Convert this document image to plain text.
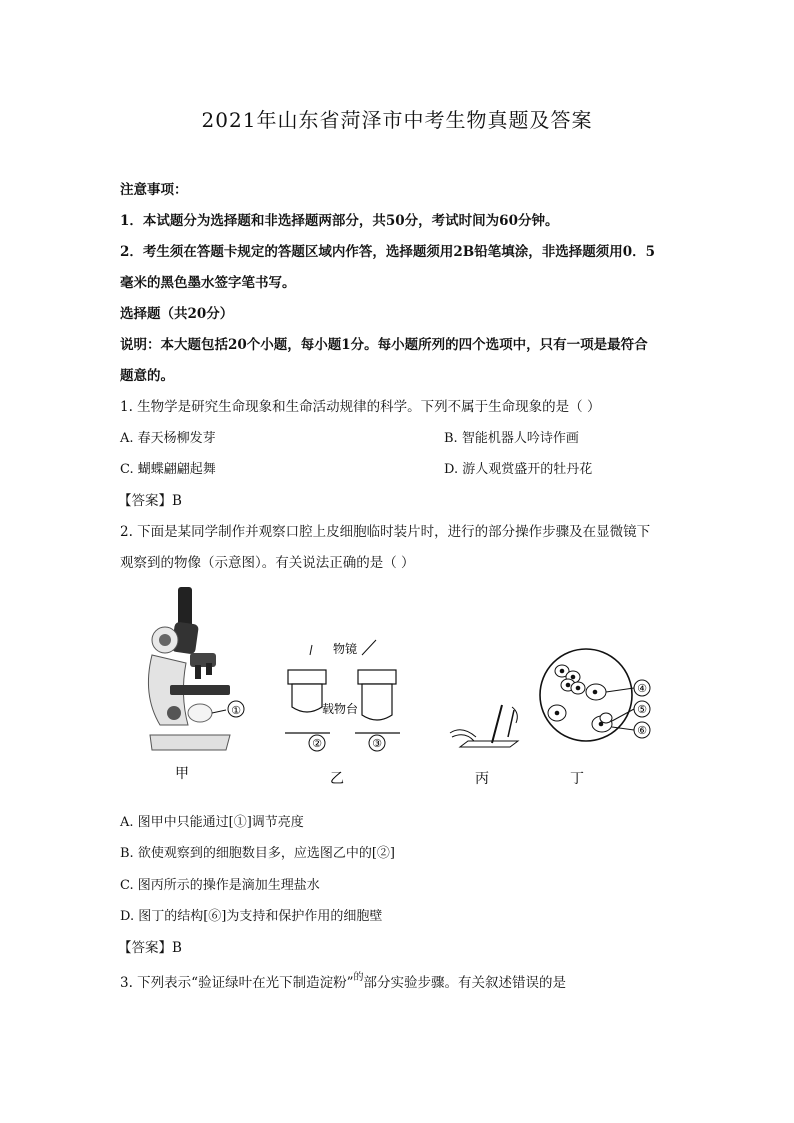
2021年山东省菏泽市中考生物真题及答案
注意事项：
1．本试题分为选择题和非选择题两部分，共50分，考试时间为60分钟。
2．考生须在答题卡规定的答题区域内作答，选择题须用2B铅笔填涂，非选择题须用0．5
毫米的黑色墨水签字笔书写。
选择题（共20分）
说明：本大题包括20个小题，每小题1分。每小题所列的四个选项中，只有一项是最符合
题意的。
1. 生物学是研究生命现象和生命活动规律的科学。下列不属于生命现象的是（ ）
A. 春天杨柳发芽	B. 智能机器人吟诗作画
C. 蝴蝶翩翩起舞	D. 游人观赏盛开的牡丹花
【答案】B
2. 下面是某同学制作并观察口腔上皮细胞临时装片时，进行的部分操作步骤及在显微镜下
观察到的物像（示意图）。有关说法正确的是（ ）
①
甲
物镜
载物台
②	③
乙	丙
④
⑤
⑥
丁
A. 图甲中只能通过[①]调节亮度
B. 欲使观察到的细胞数目多，应选图乙中的[②]
C. 图丙所示的操作是滴加生理盐水
D. 图丁的结构[⑥]为支持和保护作用的细胞壁
【答案】B
3. 下列表示“验证绿叶在光下制造淀粉”$^的$部分实验步骤。有关叙述错误的是
